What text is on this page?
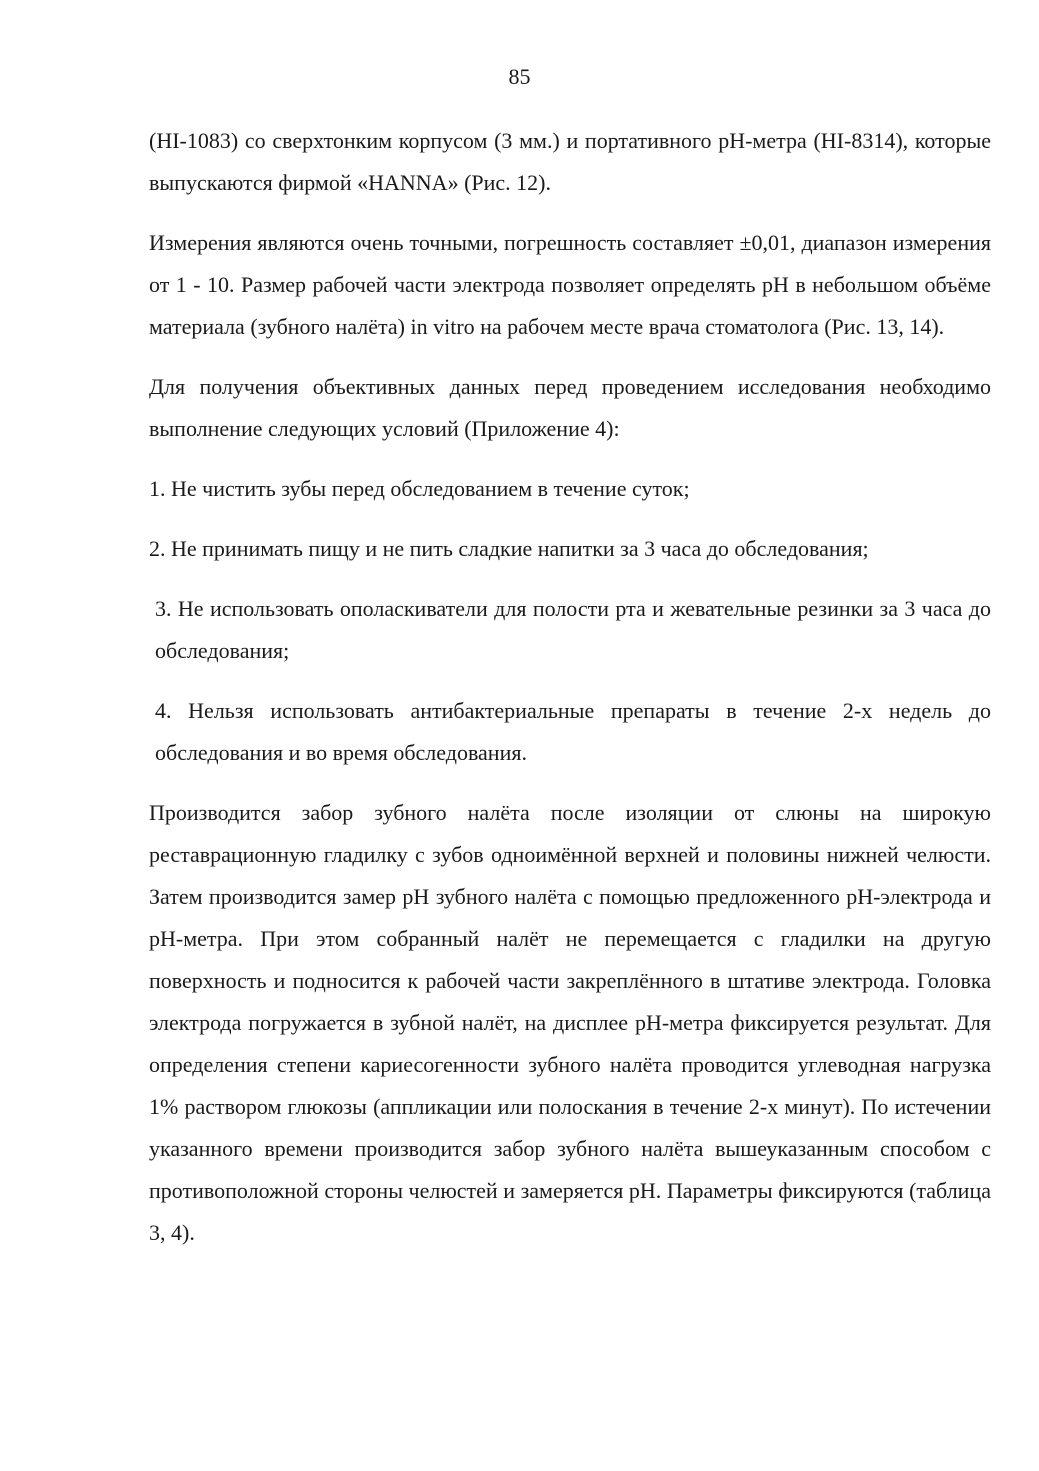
85

(HI-1083) со сверхтонким корпусом (3 мм.) и портативного pH-метра (HI-8314), которые выпускаются фирмой «HANNA» (Рис. 12).

Измерения являются очень точными, погрешность составляет ±0,01, диапазон измерения от 1 - 10. Размер рабочей части электрода позволяет определять pH в небольшом объёме материала (зубного налёта) in vitro на рабочем месте врача стоматолога (Рис. 13, 14).

Для получения объективных данных перед проведением исследования необходимо выполнение следующих условий (Приложение 4):

1. Не чистить зубы перед обследованием в течение суток;

2. Не принимать пищу и не пить сладкие напитки за 3 часа до обследования;

3. Не использовать ополаскиватели для полости рта и жевательные резинки за 3 часа до обследования;

4. Нельзя использовать антибактериальные препараты в течение 2-х недель до обследования и во время обследования.

Производится забор зубного налёта после изоляции от слюны на широкую реставрационную гладилку с зубов одноимённой верхней и половины нижней челюсти. Затем производится замер pH зубного налёта с помощью предложенного pH-электрода и pH-метра. При этом собранный налёт не перемещается с гладилки на другую поверхность и подносится к рабочей части закреплённого в штативе электрода. Головка электрода погружается в зубной налёт, на дисплее pH-метра фиксируется результат. Для определения степени кариесогенности зубного налёта проводится углеводная нагрузка 1% раствором глюкозы (аппликации или полоскания в течение 2-х минут). По истечении указанного времени производится забор зубного налёта вышеуказанным способом с противоположной стороны челюстей и замеряется pH. Параметры фиксируются (таблица 3, 4).
